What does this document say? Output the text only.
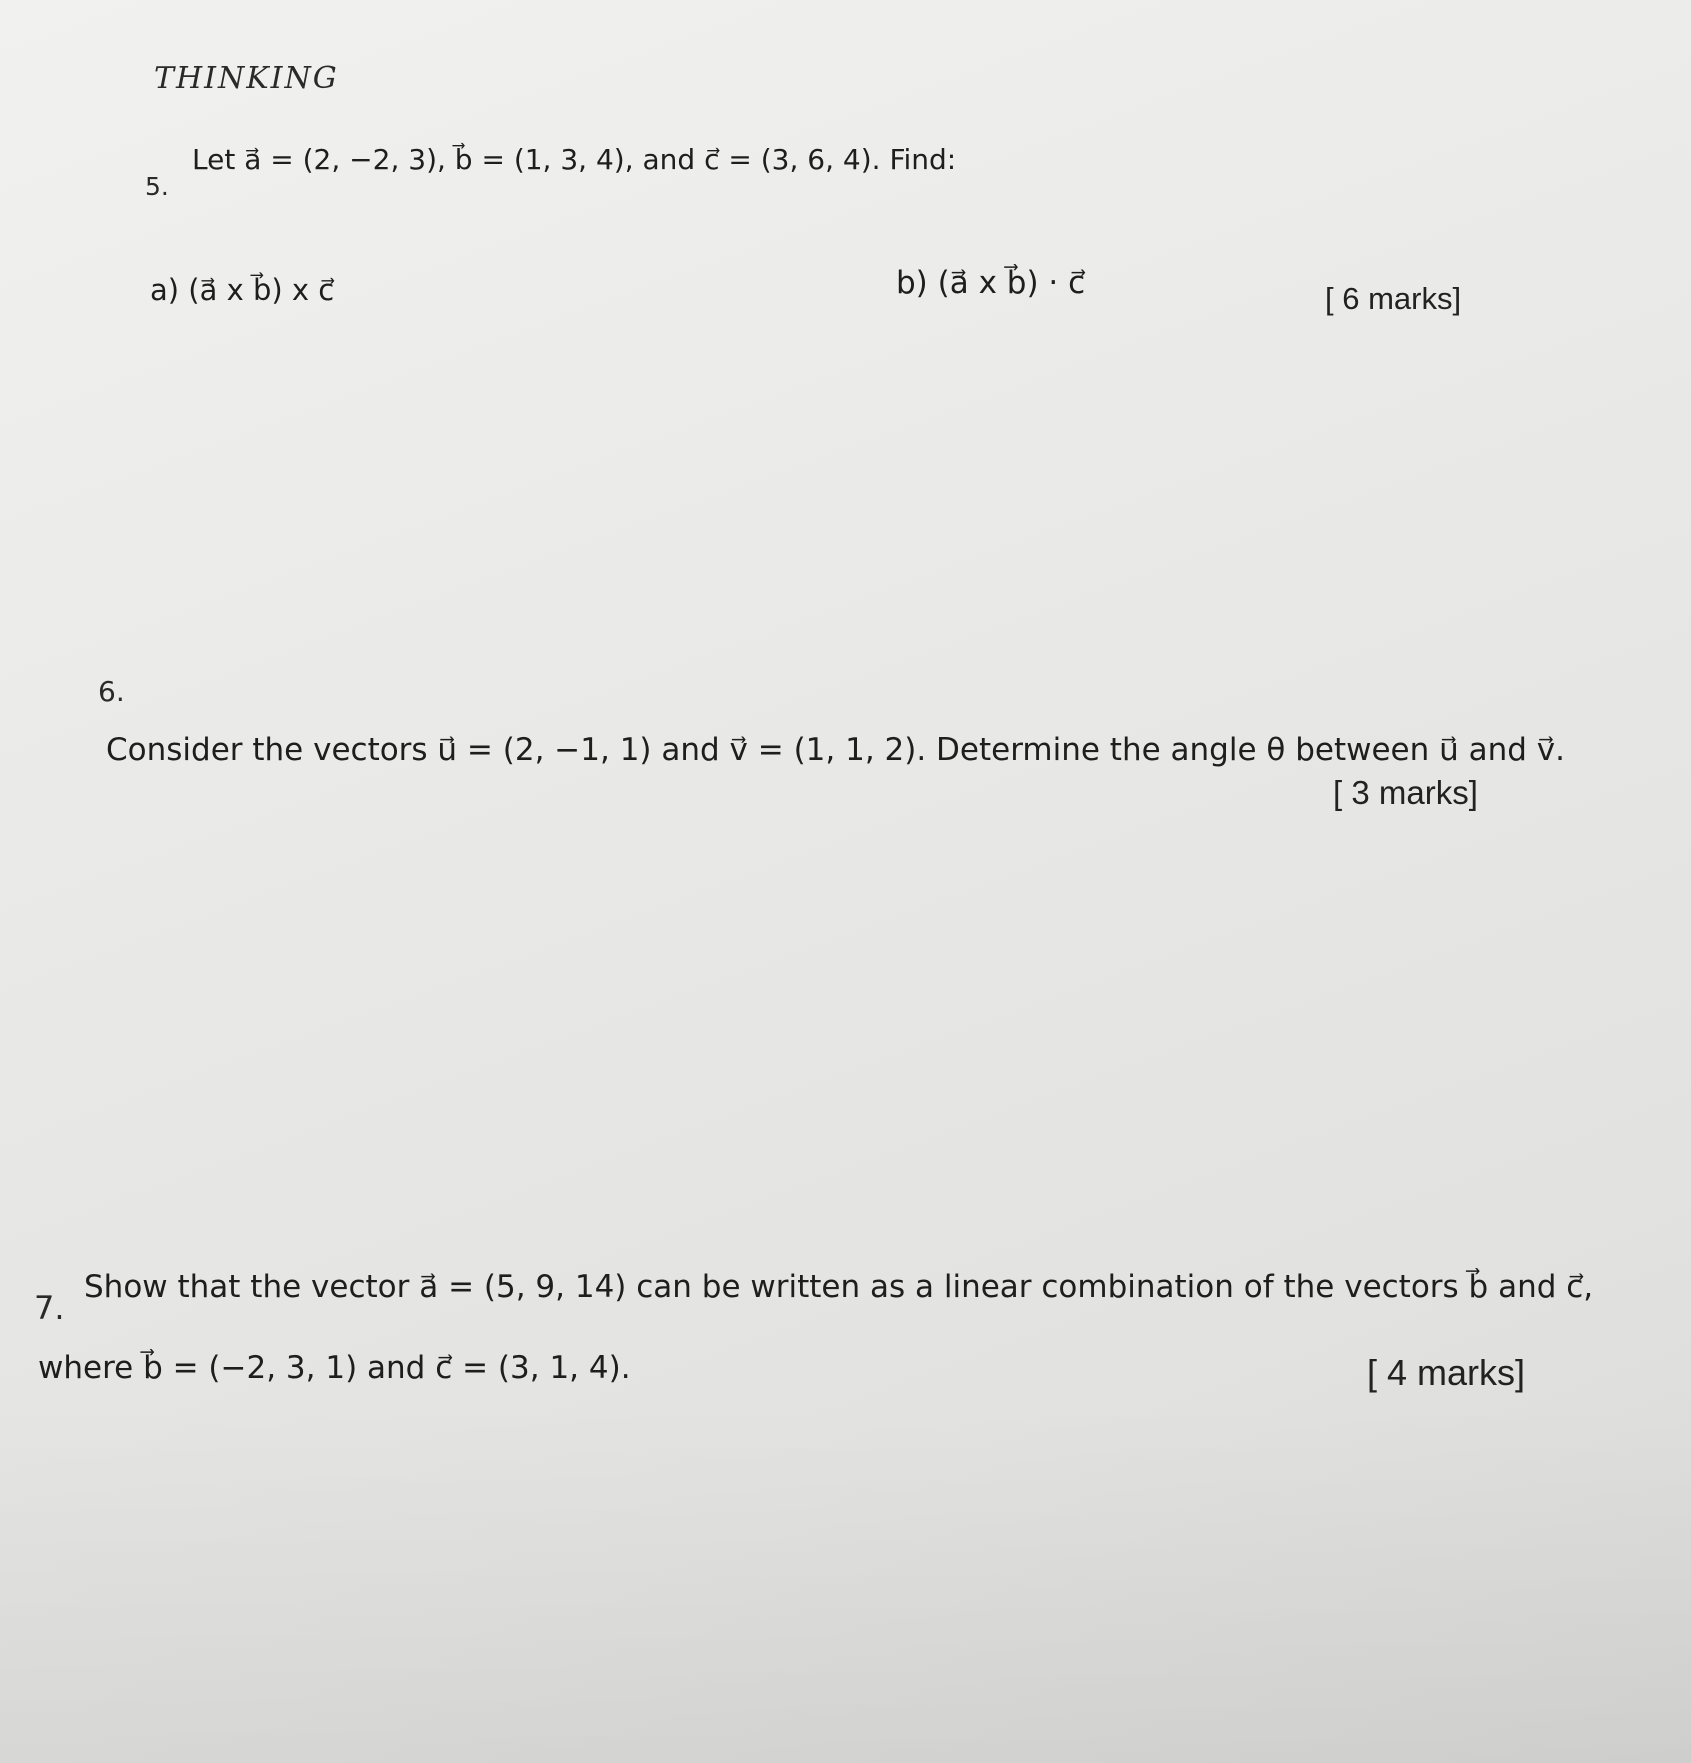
THINKING
5.
Let a⃗ = (2, −2, 3), b⃗ = (1, 3, 4), and c⃗ = (3, 6, 4). Find:
a) (a⃗ x b⃗) x c⃗	b) (a⃗ x b⃗) · c⃗	[ 6 marks]
6.
Consider the vectors u⃗ = (2, −1, 1) and v⃗ = (1, 1, 2). Determine the angle θ between u⃗ and v⃗.
[ 3 marks]
7.
Show that the vector a⃗ = (5, 9, 14) can be written as a linear combination of the vectors b⃗ and c⃗,
where b⃗ = (−2, 3, 1) and c⃗ = (3, 1, 4).	[ 4 marks]
